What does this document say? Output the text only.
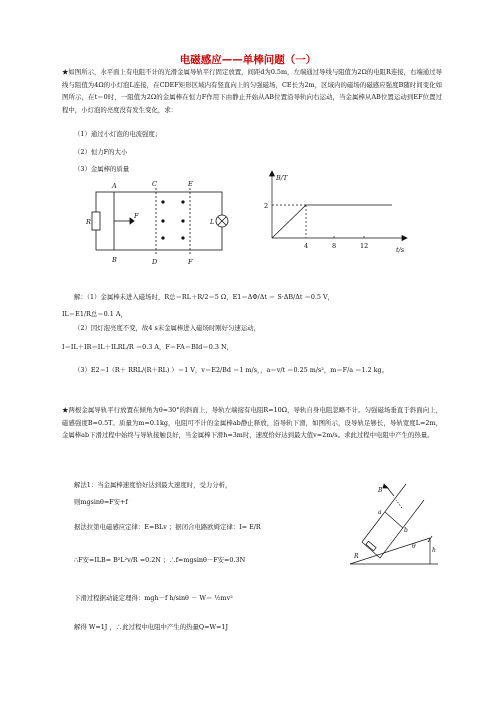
电磁感应——单棒问题（一）
★如图所示，水平面上有电阻不计的光滑金属导轨平行固定放置，间距d为0.5m，左端通过导线与阻值为2Ω的电阻R连接，右端通过导线与阻值为4Ω的小灯泡L连接，在CDEF矩形区域内有竖直向上的匀强磁场，CE长为2m，区域内的磁场的磁感应强度B随时间变化如图所示，在t＝0时，一阻值为2Ω的金属棒在恒力F作用下由静止开始从AB位置沿导轨向右运动，当金属棒从AB位置运动到EF位置过程中，小灯泡的亮度没有发生变化，求：
（1）通过小灯泡的电流强度；
（2）恒力F的大小
（3）金属棒的质量
A
B
C
D
E
F
R	L
F
B/T
t/s
2
4	8	12
解：（1）金属棒未进入磁场时，R总＝RL＋R/2＝5 Ω，E1＝ΔΦ/Δt ＝ S·ΔB/Δt ＝0.5 V，
IL＝E1/R总＝0.1 A，
（2）因灯泡亮度不变，故4 s末金属棒进入磁场时刚好匀速运动，
I＝IL＋IR＝IL＋ILRL/R ＝0.3 A，F＝FA＝BId＝0.3 N，
（3）E2＝I（R＋ RRL/(R＋RL) ）＝1 V，v＝E2/Bd ＝1 m/s，，a＝v/t ＝0.25 m/s²，m＝F/a ＝1.2 kg。
★两根金属导轨平行放置在倾角为θ=30°的斜面上，导轨左端接有电阻R=10Ω，导轨自身电阻忽略不计。匀强磁场垂直于斜面向上，磁感强度B=0.5T。质量为m=0.1kg，电阻可不计的金属棒ab静止释放，沿导轨下滑，如图所示，设导轨足够长，导轨宽度L=2m，金属棒ab下滑过程中始终与导轨接触良好，当金属棒下滑h=3m时，速度恰好达到最大值v=2m/s。求此过程中电阻中产生的热量。
解法1：当金属棒速度恰好达到最大速度时，受力分析，
则mgsinθ=F安+f
据法拉第电磁感应定律：E=BLv ；据闭合电路欧姆定律：I= E/R
∴F安=ILB= B²L²v/R =0.2N ；∴f=mgsinθ－F安=0.3N
下滑过程据动能定理得：mgh－f h/sinθ － W＝ ½mv²
解得 W=1J ，∴此过程中电阻中产生的热量Q=W=1J
B
a
b
R
θ
h
